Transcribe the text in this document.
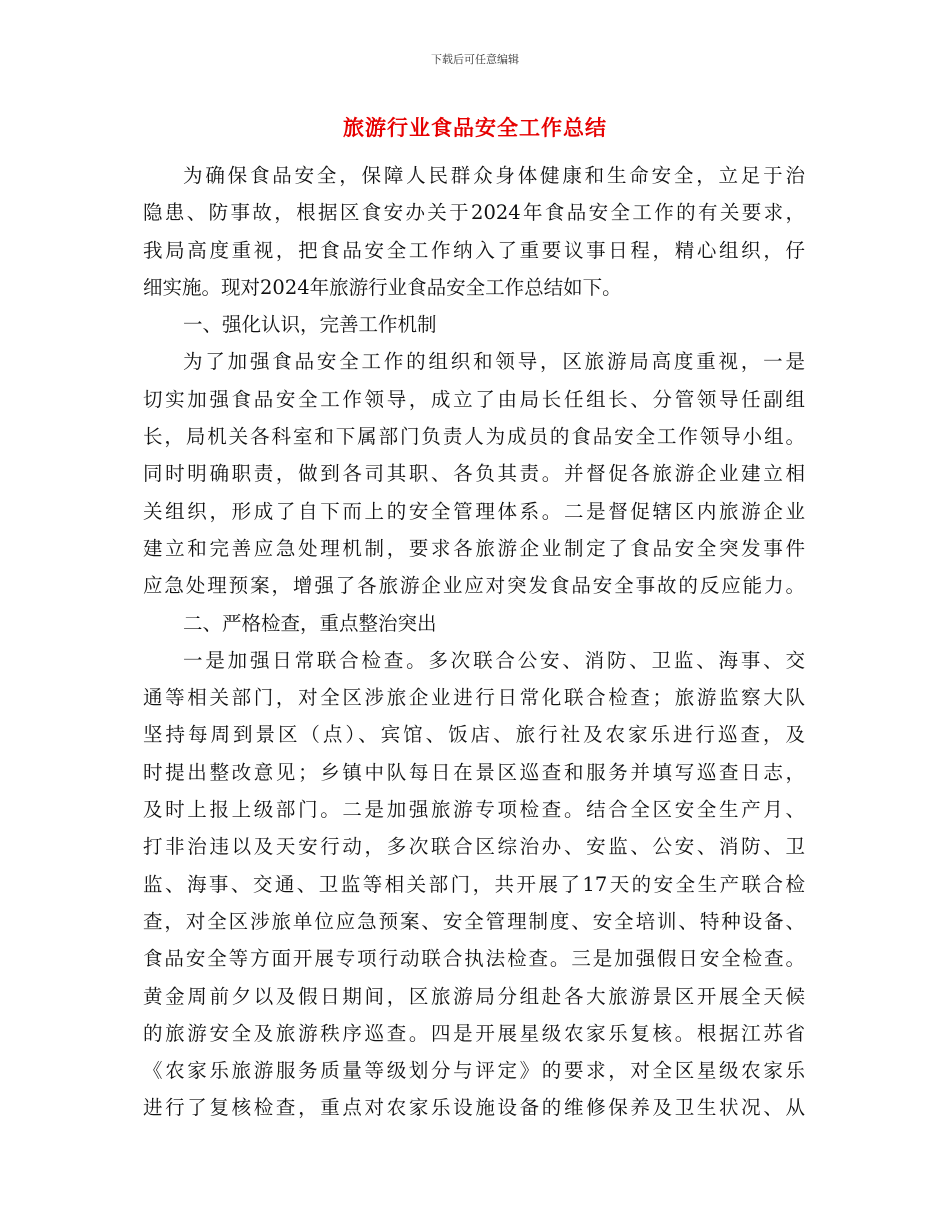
下载后可任意编辑
旅游行业食品安全工作总结
为确保食品安全，保障人民群众身体健康和生命安全，立足于治
隐患、防事故，根据区食安办关于2024年食品安全工作的有关要求，
我局高度重视，把食品安全工作纳入了重要议事日程，精心组织，仔
细实施。现对2024年旅游行业食品安全工作总结如下。
一、强化认识，完善工作机制
为了加强食品安全工作的组织和领导，区旅游局高度重视，一是
切实加强食品安全工作领导，成立了由局长任组长、分管领导任副组
长，局机关各科室和下属部门负责人为成员的食品安全工作领导小组。
同时明确职责，做到各司其职、各负其责。并督促各旅游企业建立相
关组织，形成了自下而上的安全管理体系。二是督促辖区内旅游企业
建立和完善应急处理机制，要求各旅游企业制定了食品安全突发事件
应急处理预案，增强了各旅游企业应对突发食品安全事故的反应能力。
二、严格检查，重点整治突出
一是加强日常联合检查。多次联合公安、消防、卫监、海事、交
通等相关部门，对全区涉旅企业进行日常化联合检查；旅游监察大队
坚持每周到景区（点）、宾馆、饭店、旅行社及农家乐进行巡查，及
时提出整改意见；乡镇中队每日在景区巡查和服务并填写巡查日志，
及时上报上级部门。二是加强旅游专项检查。结合全区安全生产月、
打非治违以及天安行动，多次联合区综治办、安监、公安、消防、卫
监、海事、交通、卫监等相关部门，共开展了17天的安全生产联合检
查，对全区涉旅单位应急预案、安全管理制度、安全培训、特种设备、
食品安全等方面开展专项行动联合执法检查。三是加强假日安全检查。
黄金周前夕以及假日期间，区旅游局分组赴各大旅游景区开展全天候
的旅游安全及旅游秩序巡查。四是开展星级农家乐复核。根据江苏省
《农家乐旅游服务质量等级划分与评定》的要求，对全区星级农家乐
进行了复核检查，重点对农家乐设施设备的维修保养及卫生状况、从
